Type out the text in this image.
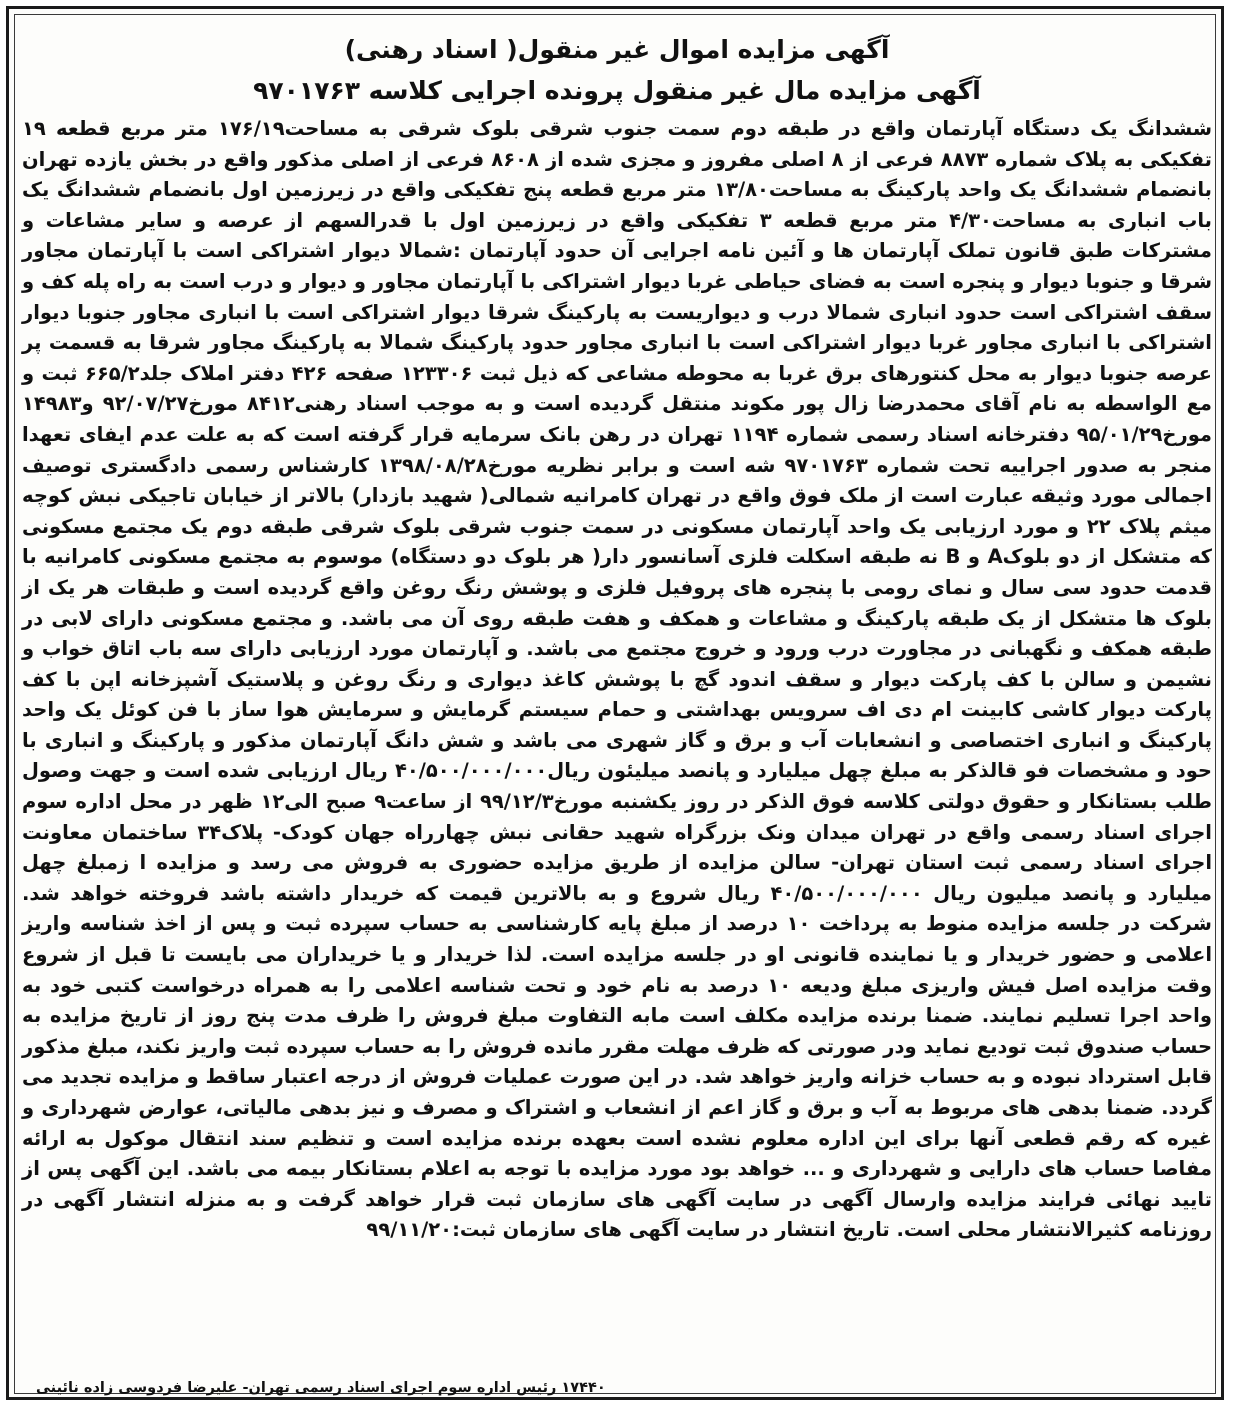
آگهی مزایده اموال غیر منقول( اسناد رهنی)
آگهی مزایده مال غیر منقول پرونده اجرایی کلاسه ۹۷۰۱۷۶۳

ششدانگ یک دستگاه آپارتمان واقع در طبقه دوم سمت جنوب شرقی بلوک شرقی به مساحت۱۷۶/۱۹ متر مربع قطعه ۱۹ تفکیکی به پلاک شماره ۸۸۷۳ فرعی از ۸ اصلی مفروز و مجزی شده از ۸۶۰۸ فرعی از اصلی مذکور واقع در بخش یازده تهران بانضمام ششدانگ یک واحد پارکینگ به مساحت۱۳/۸۰ متر مربع قطعه پنج تفکیکی واقع در زیرزمین اول بانضمام ششدانگ یک باب انباری به مساحت۴/۳۰ متر مربع قطعه ۳ تفکیکی واقع در زیرزمین اول با قدرالسهم از عرصه و سایر مشاعات و مشترکات طبق قانون تملک آپارتمان ها و آئین نامه اجرایی آن حدود آپارتمان :شمالا دیوار اشتراکی است با آپارتمان مجاور شرقا و جنوبا دیوار و پنجره است به فضای حیاطی غربا دیوار اشتراکی با آپارتمان مجاور و دیوار و درب است به راه پله کف و سقف اشتراکی است حدود انباری شمالا درب و دیواریست به پارکینگ شرقا دیوار اشتراکی است با انباری مجاور جنوبا دیوار اشتراکی با انباری مجاور غربا دیوار اشتراکی است با انباری مجاور حدود پارکینگ شمالا به پارکینگ مجاور شرقا به قسمت پر عرصه جنوبا دیوار به محل کنتورهای برق غربا به محوطه مشاعی که ذیل ثبت ۱۲۳۳۰۶ صفحه ۴۲۶ دفتر املاک جلد۶۶۵/۲ ثبت و مع الواسطه به نام آقای محمدرضا زال پور مکوند منتقل گردیده است و به موجب اسناد رهنی۸۴۱۲ مورخ۹۲/۰۷/۲۷ و۱۴۹۸۳ مورخ۹۵/۰۱/۲۹ دفترخانه اسناد رسمی شماره ۱۱۹۴ تهران در رهن بانک سرمایه قرار گرفته است که به علت عدم ایفای تعهدا منجر به صدور اجراییه تحت شماره ۹۷۰۱۷۶۳ شه است و برابر نظریه مورخ۱۳۹۸/۰۸/۲۸ کارشناس رسمی دادگستری توصیف اجمالی مورد وثیقه عبارت است از ملک فوق واقع در تهران کامرانیه شمالی( شهید بازدار) بالاتر از خیابان تاجیکی نبش کوچه میثم پلاک ۲۲ و مورد ارزیابی یک واحد آپارتمان مسکونی در سمت جنوب شرقی بلوک شرقی طبقه دوم یک مجتمع مسکونی که متشکل از دو بلوکA و B نه طبقه اسکلت فلزی آسانسور دار( هر بلوک دو دستگاه) موسوم به مجتمع مسکونی کامرانیه با قدمت حدود سی سال و نمای رومی با پنجره های پروفیل فلزی و پوشش رنگ روغن واقع گردیده است و طبقات هر یک از بلوک ها متشکل از یک طبقه پارکینگ و مشاعات و همکف و هفت طبقه روی آن می باشد. و مجتمع مسکونی دارای لابی در طبقه همکف و نگهبانی در مجاورت درب ورود و خروج مجتمع می باشد. و آپارتمان مورد ارزیابی دارای سه باب اتاق خواب و نشیمن و سالن با کف پارکت دیوار و سقف اندود گچ با پوشش کاغذ دیواری و رنگ روغن و پلاستیک آشپزخانه اپن با کف پارکت دیوار کاشی کابینت ام دی اف سرویس بهداشتی و حمام سیستم گرمایش و سرمایش هوا ساز با فن کوئل یک واحد پارکینگ و انباری اختصاصی و انشعابات آب و برق و گاز شهری می باشد و شش دانگ آپارتمان مذکور و پارکینگ و انباری با حود و مشخصات فو قالذکر به مبلغ چهل میلیارد و پانصد میلیئون ریال۴۰/۵۰۰/۰۰۰/۰۰۰ ریال ارزیابی شده است و جهت وصول طلب بستانکار و حقوق دولتی کلاسه فوق الذکر در روز یکشنبه مورخ۹۹/۱۲/۳ از ساعت۹ صبح الی۱۲ ظهر در محل اداره سوم اجرای اسناد رسمی واقع در تهران میدان ونک بزرگراه شهید حقانی نبش چهارراه جهان کودک- پلاک۳۴ ساختمان معاونت اجرای اسناد رسمی ثبت استان تهران- سالن مزایده از طریق مزایده حضوری به فروش می رسد و مزایده ا زمبلغ چهل میلیارد و پانصد میلیون ریال ۴۰/۵۰۰/۰۰۰/۰۰۰ ریال شروع و به بالاترین قیمت که خریدار داشته باشد فروخته خواهد شد. شرکت در جلسه مزایده منوط به پرداخت ۱۰ درصد از مبلغ پایه کارشناسی به حساب سپرده ثبت و پس از اخذ شناسه واریز اعلامی و حضور خریدار و یا نماینده قانونی او در جلسه مزایده است. لذا خریدار و یا خریداران می بایست تا قبل از شروع وقت مزایده اصل فیش واریزی مبلغ ودیعه ۱۰ درصد به نام خود و تحت شناسه اعلامی را به همراه درخواست کتبی خود به واحد اجرا تسلیم نمایند. ضمنا برنده مزایده مکلف است مابه التفاوت مبلغ فروش را ظرف مدت پنج روز از تاریخ مزایده به حساب صندوق ثبت توديع نماید ودر صورتی که ظرف مهلت مقرر مانده فروش را به حساب سپرده ثبت واریز نکند، مبلغ مذکور قابل استرداد نبوده و به حساب خزانه واریز خواهد شد. در این صورت عملیات فروش از درجه اعتبار ساقط و مزایده تجدید می گردد. ضمنا بدهی های مربوط به آب و برق و گاز اعم از انشعاب و اشتراک و مصرف و نیز بدهی مالیاتی، عوارض شهرداری و غیره که رقم قطعی آنها برای این اداره معلوم نشده است بعهده برنده مزایده است و تنظیم سند انتقال موکول به ارائه مفاصا حساب های دارایی و شهرداری و ... خواهد بود مورد مزایده با توجه به اعلام بستانکار بیمه می باشد. این آگهی پس از تایید نهائی فرایند مزایده وارسال آگهی در سایت آگهی های سازمان ثبت قرار خواهد گرفت و به منزله انتشار آگهی در روزنامه کثیرالانتشار محلی است. تاریخ انتشار در سایت آگهی های سازمان ثبت:۹۹/۱۱/۲۰

۱۷۴۴۰ رئیس اداره سوم اجرای اسناد رسمی تهران- علیرضا فردوسی زاده نائینی
